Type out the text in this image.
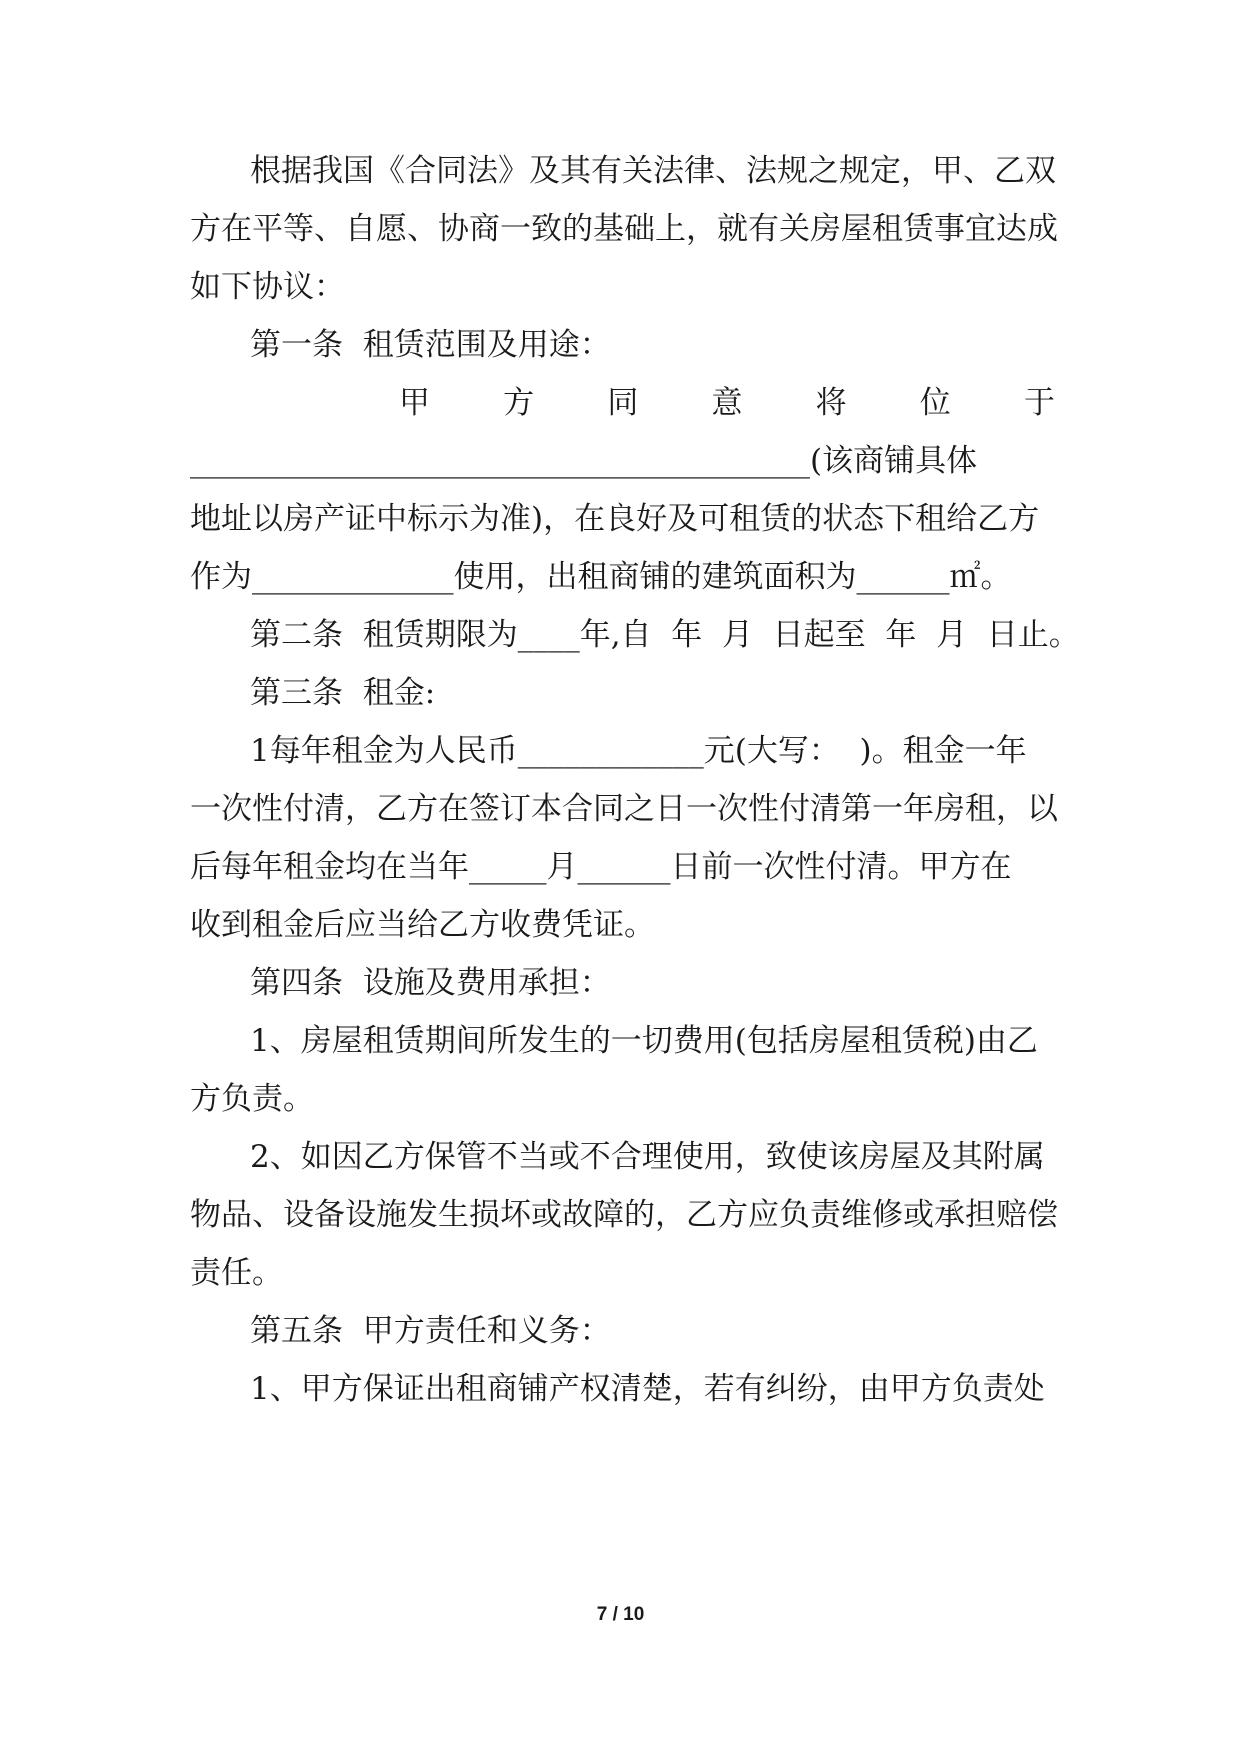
根据我国《合同法》及其有关法律、法规之规定，甲、乙双
方在平等、自愿、协商一致的基础上，就有关房屋租赁事宜达成
如下协议：
第一条  租赁范围及用途：
甲 方 同 意 将 位 于
________________________________________(该商铺具体
地址以房产证中标示为准)，在良好及可租赁的状态下租给乙方
作为_____________使用，出租商铺的建筑面积为______㎡。
第二条  租赁期限为____年,自  年  月  日起至  年  月  日止。
第三条  租金:
1每年租金为人民币____________元(大写：  )。租金一年
一次性付清，乙方在签订本合同之日一次性付清第一年房租，以
后每年租金均在当年_____月______日前一次性付清。甲方在
收到租金后应当给乙方收费凭证。
第四条  设施及费用承担：
1、房屋租赁期间所发生的一切费用(包括房屋租赁税)由乙
方负责。
2、如因乙方保管不当或不合理使用，致使该房屋及其附属
物品、设备设施发生损坏或故障的，乙方应负责维修或承担赔偿
责任。
第五条  甲方责任和义务：
1、甲方保证出租商铺产权清楚，若有纠纷，由甲方负责处
7 / 10
